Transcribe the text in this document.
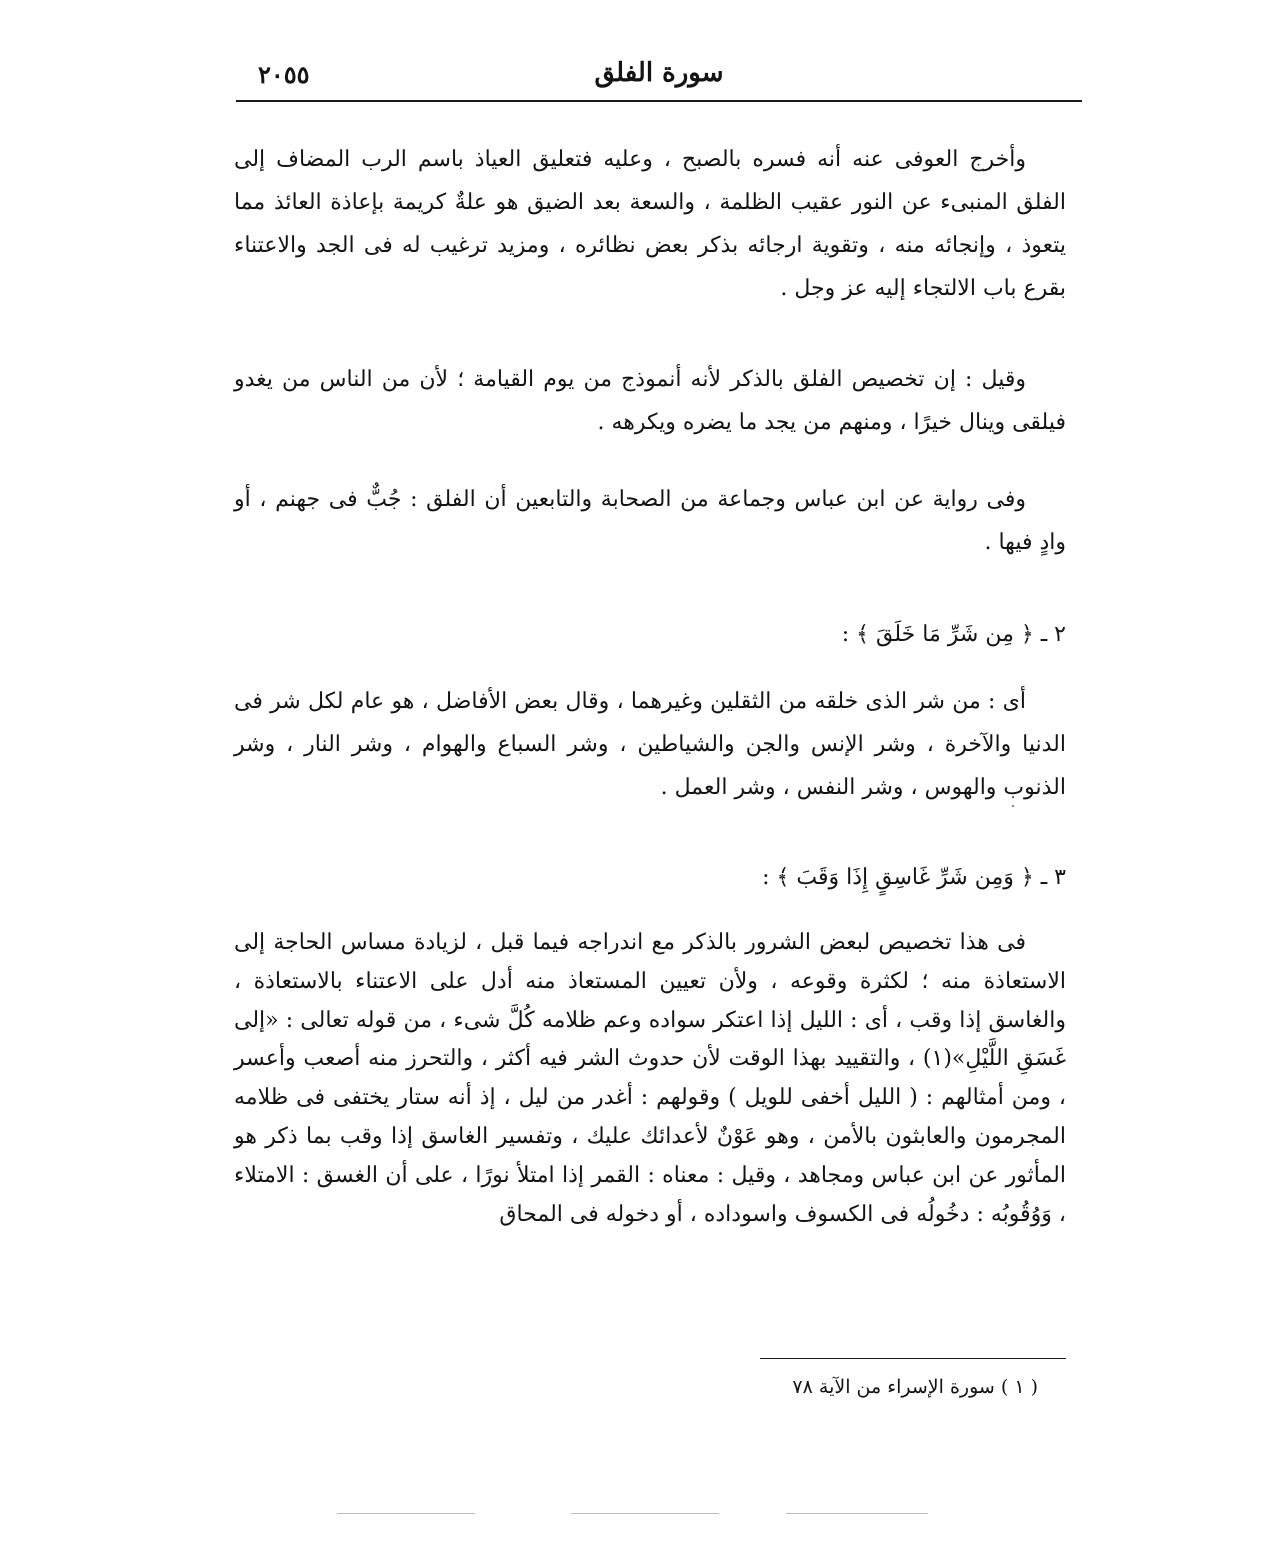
سورة الفلق
٢٠٥٥
وأخرج العوفى عنه أنه فسره بالصبح ، وعليه فتعليق العياذ باسم الرب المضاف إلى الفلق المنبىء عن النور عقيب الظلمة ، والسعة بعد الضيق هو علةٌ كريمة بإعاذة العائذ مما يتعوذ ، وإنجائه منه ، وتقوية ارجائه بذكر بعض نظائره ، ومزيد ترغيب له فى الجد والاعتناء بقرع باب الالتجاء إليه عز وجل .
وقيل : إن تخصيص الفلق بالذكر لأنه أنموذج من يوم القيامة ؛ لأن من الناس من يغدو فيلقى وينال خيرًا ، ومنهم من يجد ما يضره ويكرهه .
وفى رواية عن ابن عباس وجماعة من الصحابة والتابعين أن الفلق : جُبٌّ فى جهنم ، أو وادٍ فيها .
٢ ـ ﴿ مِن شَرِّ مَا خَلَقَ ﴾ :
أى : من شر الذى خلقه من الثقلين وغيرهما ، وقال بعض الأفاضل ، هو عام لكل شر فى الدنيا والآخرة ، وشر الإنس والجن والشياطين ، وشر السباع والهوام ، وشر النار ، وشر الذنوب والهوس ، وشر النفس ، وشر العمل .
٣ ـ ﴿ وَمِن شَرِّ غَاسِقٍ إِذَا وَقَبَ ﴾ :
فى هذا تخصيص لبعض الشرور بالذكر مع اندراجه فيما قبل ، لزيادة مساس الحاجة إلى الاستعاذة منه ؛ لكثرة وقوعه ، ولأن تعيين المستعاذ منه أدل على الاعتناء بالاستعاذة ، والغاسق إذا وقب ، أى : الليل إذا اعتكر سواده وعم ظلامه كُلَّ شىء ، من قوله تعالى : «إلى غَسَقِ اللَّيْلِ»(١) ، والتقييد بهذا الوقت لأن حدوث الشر فيه أكثر ، والتحرز منه أصعب وأعسر ، ومن أمثالهم : ( الليل أخفى للويل ) وقولهم : أغدر من ليل ، إذ أنه ستار يختفى فى ظلامه المجرمون والعابثون بالأمن ، وهو عَوْنٌ لأعدائك عليك ، وتفسير الغاسق إذا وقب بما ذكر هو المأثور عن ابن عباس ومجاهد ، وقيل : معناه : القمر إذا امتلأ نورًا ، على أن الغسق : الامتلاء ، وَوُقُوبُه : دخُولُه فى الكسوف واسوداده ، أو دخوله فى المحاق
( ١ ) سورة الإسراء من الآية ٧٨
